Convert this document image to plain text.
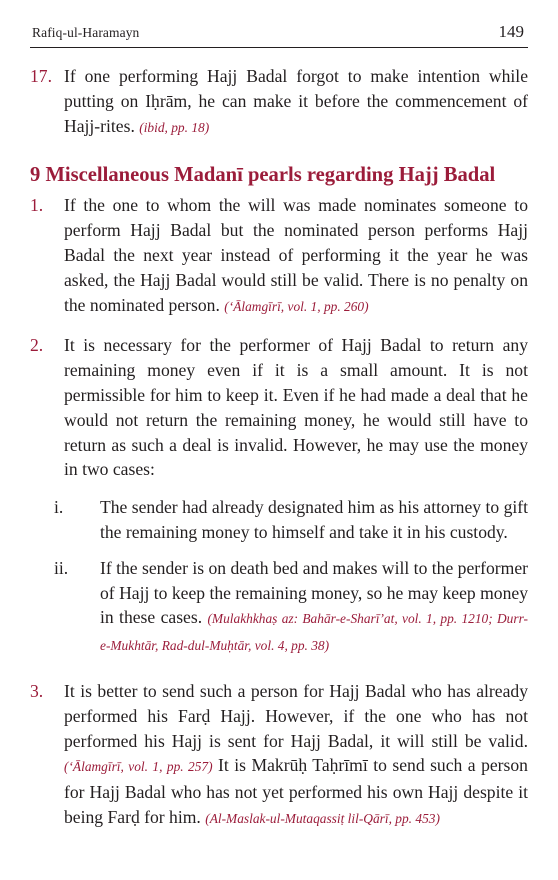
Rafiq-ul-Haramayn	149
17. If one performing Hajj Badal forgot to make intention while putting on Iḥrām, he can make it before the commencement of Hajj-rites. (ibid, pp. 18)
9 Miscellaneous Madanī pearls regarding Hajj Badal
1. If the one to whom the will was made nominates someone to perform Hajj Badal but the nominated person performs Hajj Badal the next year instead of performing it the year he was asked, the Hajj Badal would still be valid. There is no penalty on the nominated person. (‘Ālamgīrī, vol. 1, pp. 260)
2. It is necessary for the performer of Hajj Badal to return any remaining money even if it is a small amount. It is not permissible for him to keep it. Even if he had made a deal that he would not return the remaining money, he would still have to return as such a deal is invalid. However, he may use the money in two cases:
i. The sender had already designated him as his attorney to gift the remaining money to himself and take it in his custody.
ii. If the sender is on death bed and makes will to the performer of Hajj to keep the remaining money, so he may keep money in these cases. (Mulakhkhaṣ az: Bahār-e-Sharī’at, vol. 1, pp. 1210; Durr-e-Mukhtār, Rad-dul-Muḥtār, vol. 4, pp. 38)
3. It is better to send such a person for Hajj Badal who has already performed his Farḍ Hajj. However, if the one who has not performed his Hajj is sent for Hajj Badal, it will still be valid. (‘Ālamgīrī, vol. 1, pp. 257) It is Makrūḥ Taḥrīmī to send such a person for Hajj Badal who has not yet performed his own Hajj despite it being Farḍ for him. (Al-Maslak-ul-Mutaqassiṭ lil-Qārī, pp. 453)
